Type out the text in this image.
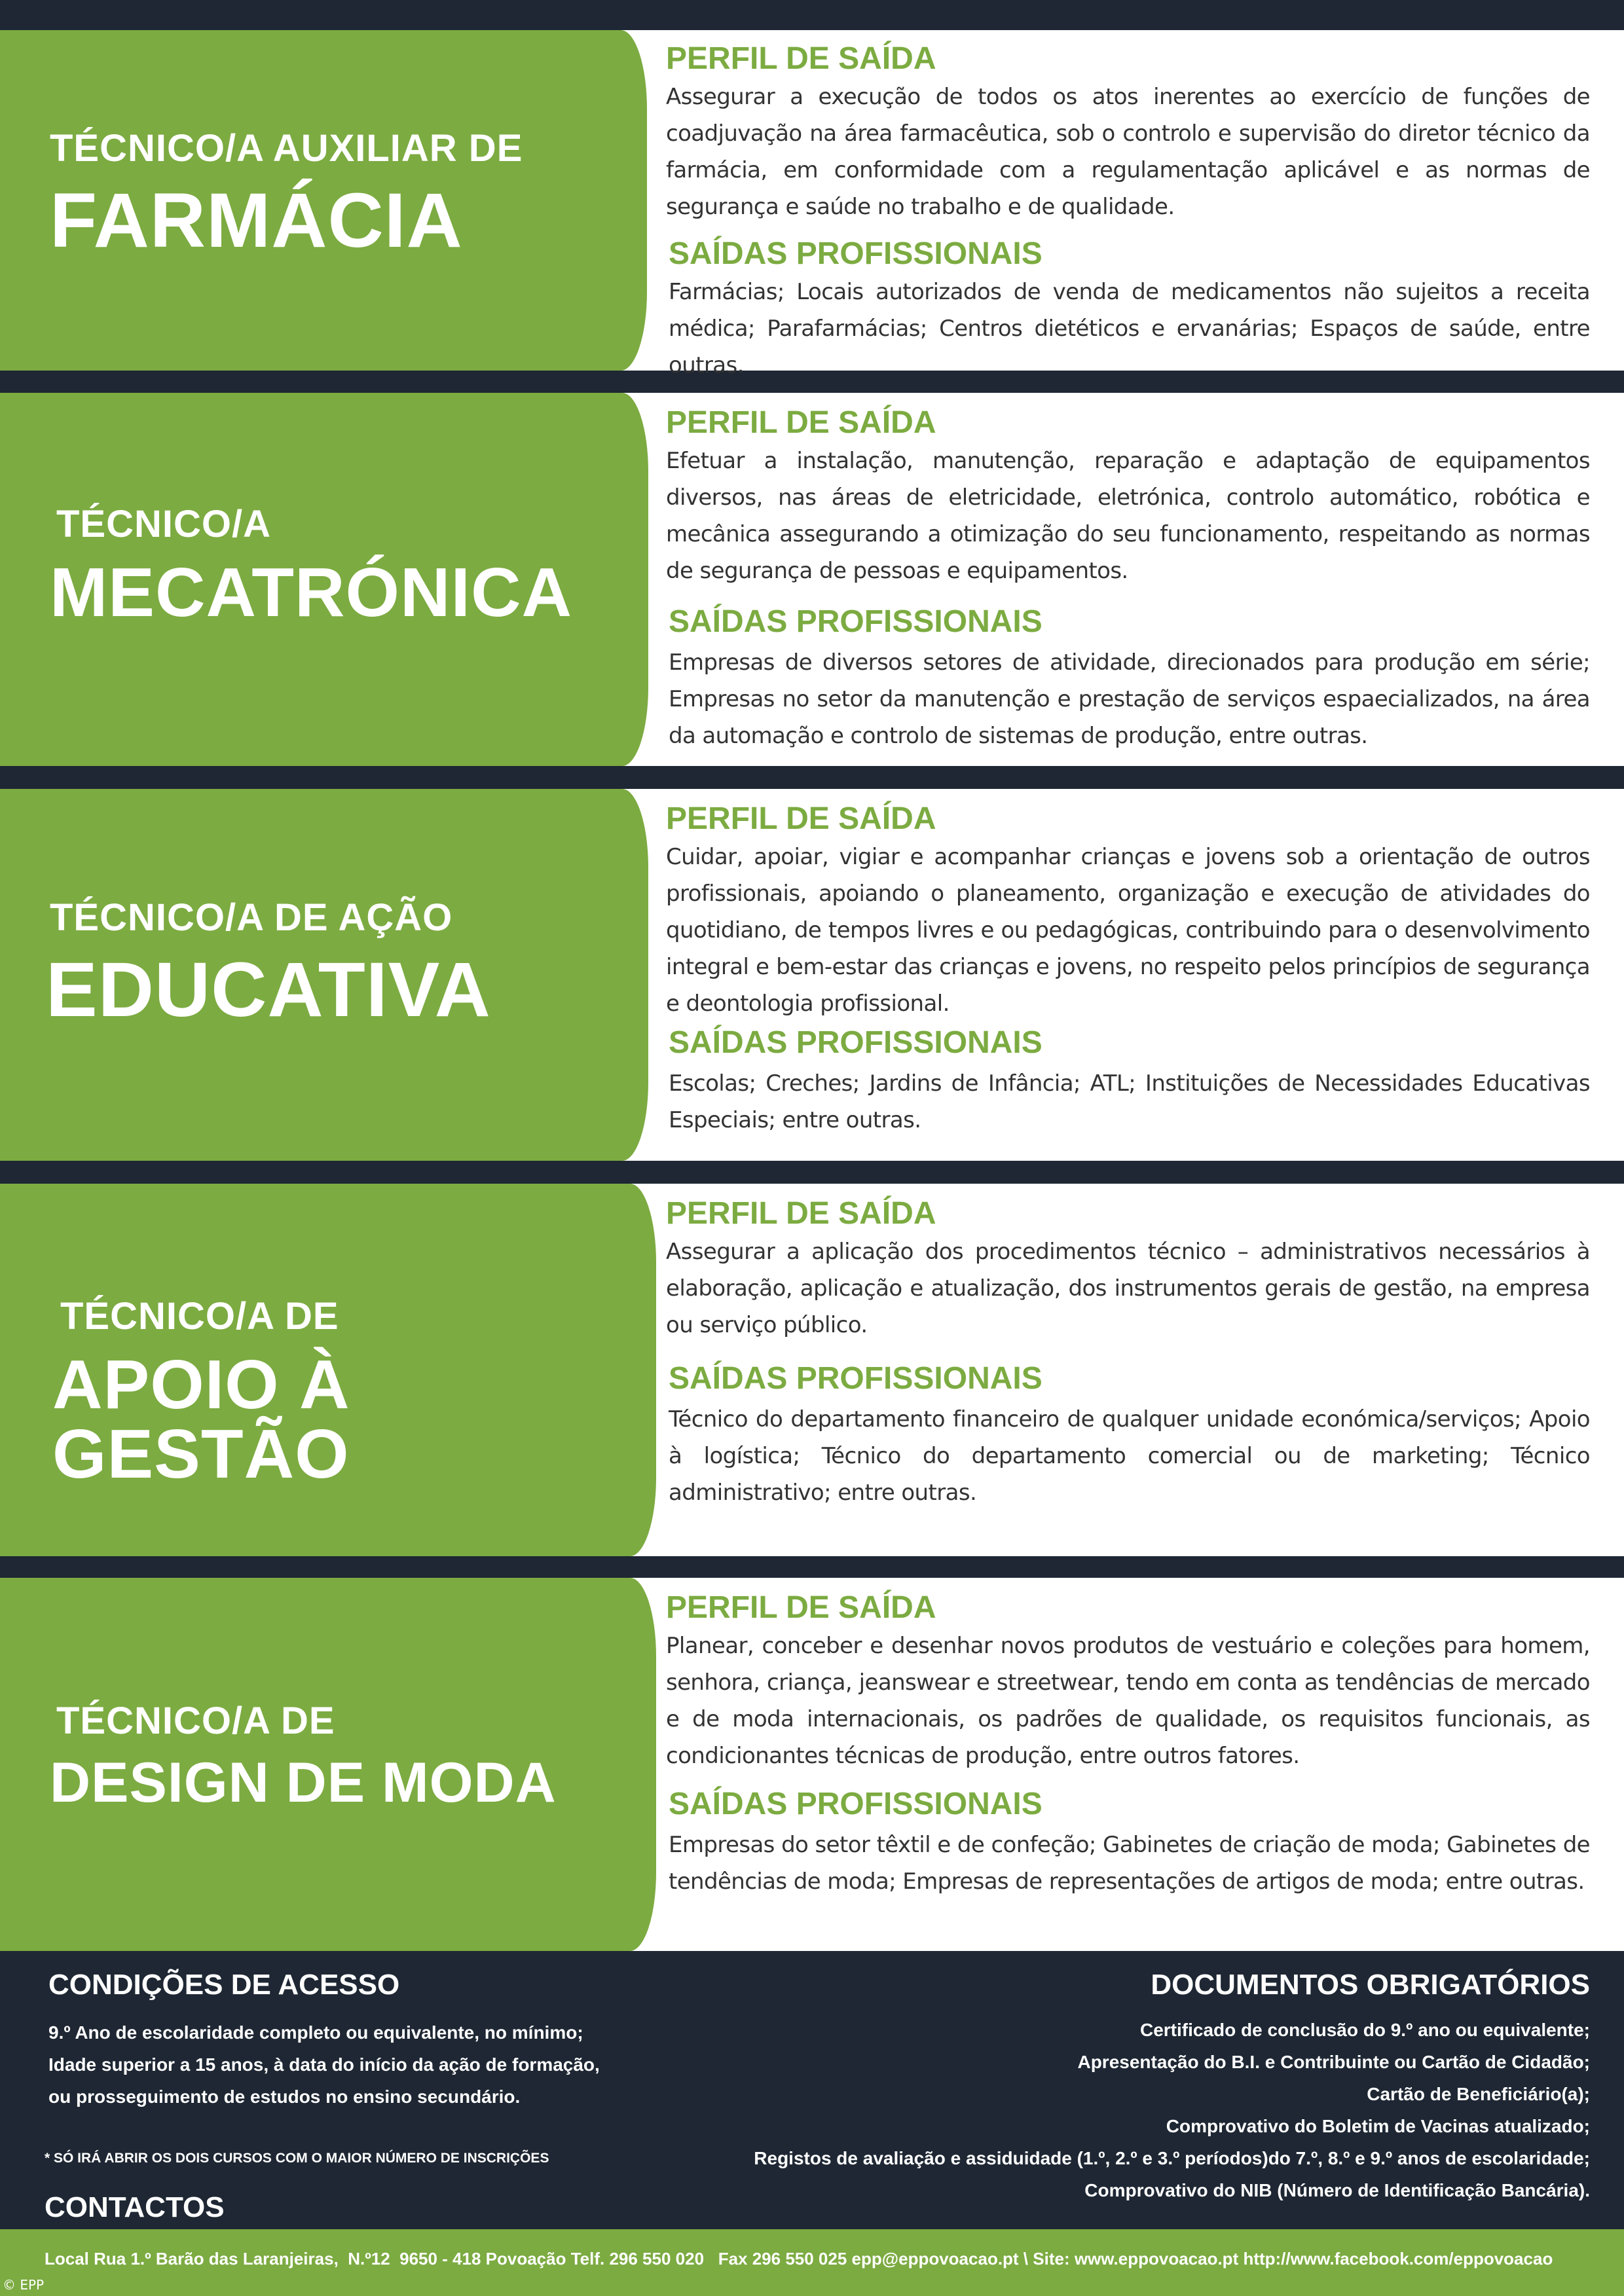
TÉCNICO/A AUXILIAR DE
FARMÁCIA
PERFIL DE SAÍDA

Assegurar a execução de todos os atos inerentes ao exercício de funções de coadjuvação na área farmacêutica, sob o controlo e supervisão do diretor técnico da farmácia, em conformidade com a regulamentação aplicável e as normas de segurança e saúde no trabalho e de qualidade.

SAÍDAS PROFISSIONAIS

Farmácias; Locais autorizados de venda de medicamentos não sujeitos a receita médica; Parafarmácias; Centros dietéticos e ervanárias; Espaços de saúde, entre outras.

TÉCNICO/A
MECATRÓNICA
PERFIL DE SAÍDA

Efetuar a instalação, manutenção, reparação e adaptação de equipamentos diversos, nas áreas de eletricidade, eletrónica, controlo automático, robótica e mecânica assegurando a otimização do seu funcionamento, respeitando as normas de segurança de pessoas e equipamentos.

SAÍDAS PROFISSIONAIS

Empresas de diversos setores de atividade, direcionados para produção em série; Empresas no setor da manutenção e prestação de serviços espaecializados, na área da automação e controlo de sistemas de produção, entre outras.

TÉCNICO/A DE AÇÃO
EDUCATIVA
PERFIL DE SAÍDA

Cuidar, apoiar, vigiar e acompanhar crianças e jovens sob a orientação de outros profissionais, apoiando o planeamento, organização e execução de atividades do quotidiano, de tempos livres e ou pedagógicas, contribuindo para o desenvolvimento integral e bem-estar das crianças e jovens, no respeito pelos princípios de segurança e deontologia profissional.

SAÍDAS PROFISSIONAIS

Escolas; Creches; Jardins de Infância; ATL; Instituições de Necessidades Educativas Especiais; entre outras.

TÉCNICO/A DE
APOIO À GESTÃO
PERFIL DE SAÍDA

Assegurar a aplicação dos procedimentos técnico – administrativos necessários à elaboração, aplicação e atualização, dos instrumentos gerais de gestão, na empresa ou serviço público.

SAÍDAS PROFISSIONAIS

Técnico do departamento financeiro de qualquer unidade económica/serviços; Apoio à logística; Técnico do departamento comercial ou de marketing; Técnico administrativo; entre outras.

TÉCNICO/A DE
DESIGN DE MODA
PERFIL DE SAÍDA

Planear, conceber e desenhar novos produtos de vestuário e coleções para homem, senhora, criança, jeanswear e streetwear, tendo em conta as tendências de mercado e de moda internacionais, os padrões de qualidade, os requisitos funcionais, as condicionantes técnicas de produção, entre outros fatores.

SAÍDAS PROFISSIONAIS

Empresas do setor têxtil e de confeção; Gabinetes de criação de moda; Gabinetes de tendências de moda; Empresas de representações de artigos de moda; entre outras.

CONDIÇÕES DE ACESSO
9.º Ano de escolaridade completo ou equivalente, no mínimo;
Idade superior a 15 anos, à data do início da ação de formação,
ou prosseguimento de estudos no ensino secundário.
* SÓ IRÁ ABRIR OS DOIS CURSOS COM O MAIOR NÚMERO DE INSCRIÇÕES
DOCUMENTOS OBRIGATÓRIOS
Certificado de conclusão do 9.º ano ou equivalente;
Apresentação do B.I. e Contribuinte ou Cartão de Cidadão;
Cartão de Beneficiário(a);
Comprovativo do Boletim de Vacinas atualizado;
Registos de avaliação e assiduidade (1.º, 2.º e 3.º períodos)do 7.º, 8.º e 9.º anos de escolaridade;
Comprovativo do NIB (Número de Identificação Bancária).
CONTACTOS
Local Rua 1.º Barão das Laranjeiras,  N.º12  9650 - 418 Povoação Telf. 296 550 020   Fax 296 550 025 epp@eppovoacao.pt \ Site: www.eppovoacao.pt http://www.facebook.com/eppovoacao
© EPP
